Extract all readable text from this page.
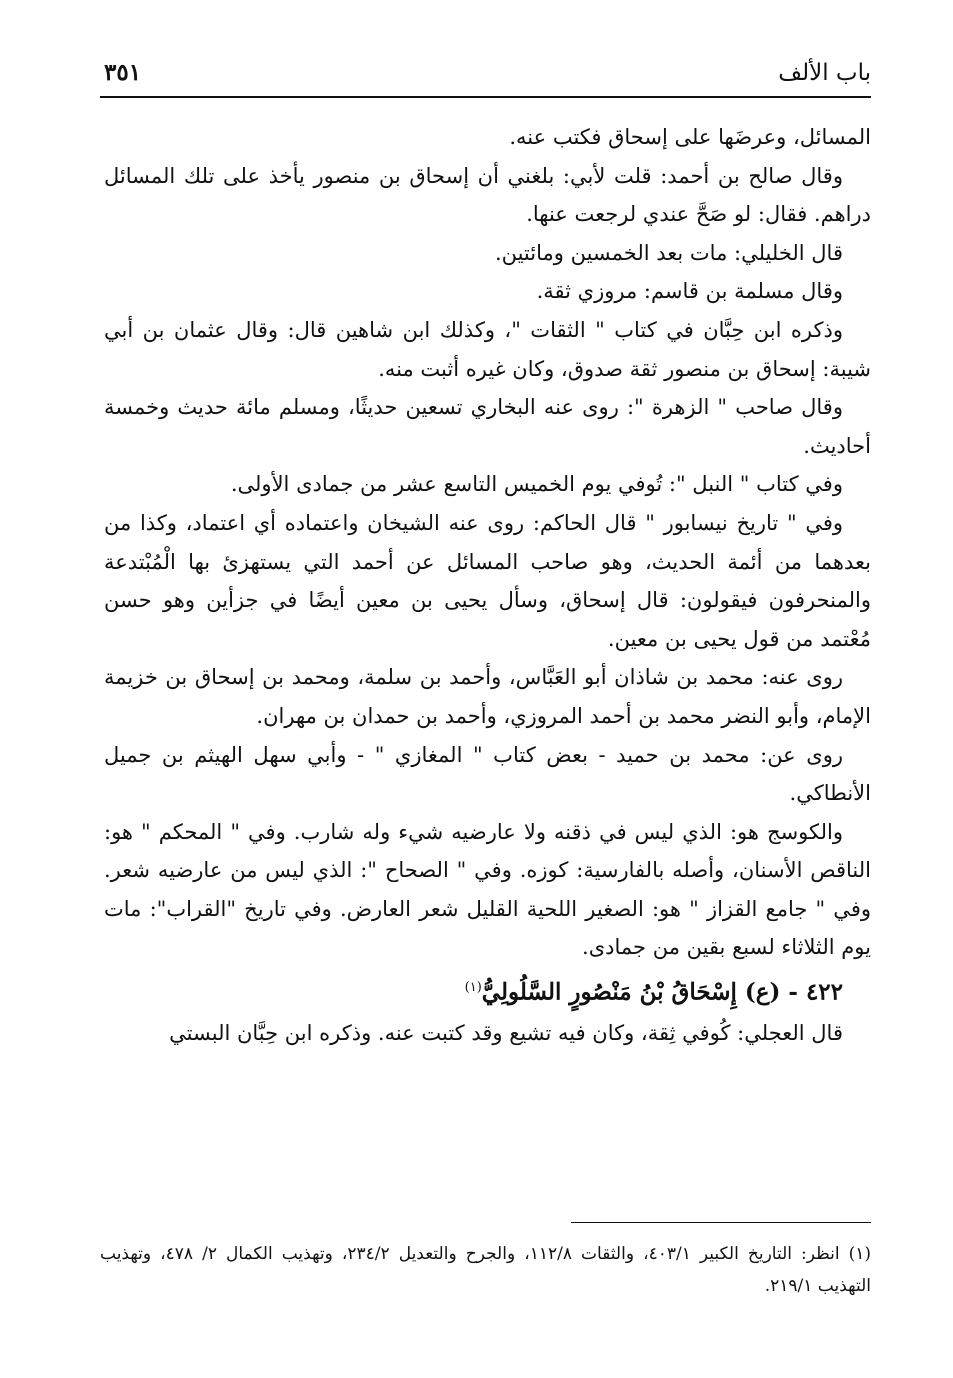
باب الألف
٣٥١

المسائل، وعرضَها على إسحاق فكتب عنه.

وقال صالح بن أحمد: قلت لأبي: بلغني أن إسحاق بن منصور يأخذ على تلك المسائل دراهم. فقال: لو صَحَّ عندي لرجعت عنها.

قال الخليلي: مات بعد الخمسين ومائتين.

وقال مسلمة بن قاسم: مروزي ثقة.

وذكره ابن حِبَّان في كتاب " الثقات "، وكذلك ابن شاهين قال: وقال عثمان بن أبي شيبة: إسحاق بن منصور ثقة صدوق، وكان غيره أثبت منه.

وقال صاحب " الزهرة ": روى عنه البخاري تسعين حديثًا، ومسلم مائة حديث وخمسة أحاديث.

وفي كتاب " النبل ": تُوفي يوم الخميس التاسع عشر من جمادى الأولى.

وفي " تاريخ نيسابور " قال الحاكم: روى عنه الشيخان واعتماده أي اعتماد، وكذا من بعدهما من أئمة الحديث، وهو صاحب المسائل عن أحمد التي يستهزئ بها الْمُبْتدعة والمنحرفون فيقولون: قال إسحاق، وسأل يحيى بن معين أيضًا في جزأين وهو حسن مُعْتمد من قول يحيى بن معين.

روى عنه: محمد بن شاذان أبو العَبَّاس، وأحمد بن سلمة، ومحمد بن إسحاق بن خزيمة الإمام، وأبو النضر محمد بن أحمد المروزي، وأحمد بن حمدان بن مهران.

روى عن: محمد بن حميد - بعض كتاب " المغازي " - وأبي سهل الهيثم بن جميل الأنطاكي.

والكوسج هو: الذي ليس في ذقنه ولا عارضيه شيء وله شارب. وفي " المحكم " هو: الناقص الأسنان، وأصله بالفارسية: كوزه. وفي " الصحاح ": الذي ليس من عارضيه شعر. وفي " جامع القزاز " هو: الصغير اللحية القليل شعر العارض. وفي تاريخ "القراب": مات يوم الثلاثاء لسبع بقين من جمادى.

٤٢٢ - (ع) إِسْحَاقُ بْنُ مَنْصُورٍ السَّلُولِيُّ$^{(١)}$

قال العجلي: كُوفي ثِقة، وكان فيه تشيع وقد كتبت عنه. وذكره ابن حِبَّان البستي

(١) انظر: التاريخ الكبير ٤٠٣/١، والثقات ١١٢/٨، والجرح والتعديل ٢٣٤/٢، وتهذيب الكمال ٢/ ٤٧٨، وتهذيب التهذيب ٢١٩/١.
